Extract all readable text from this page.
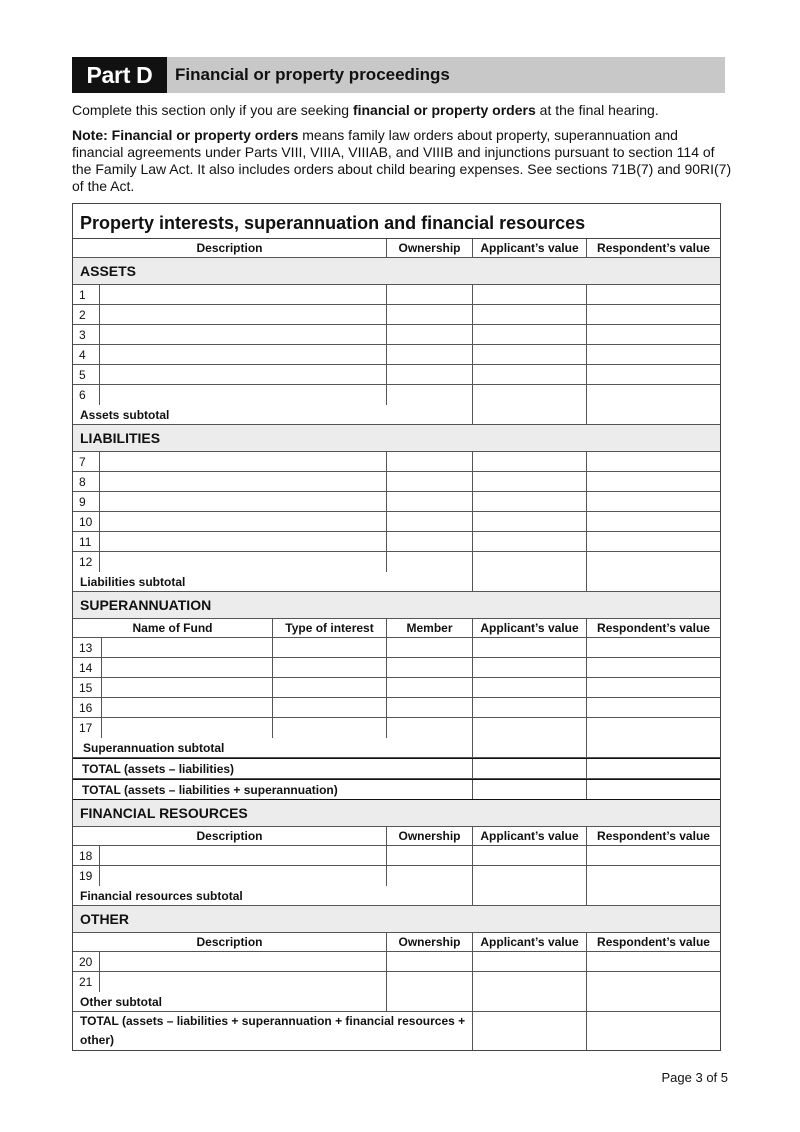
Part D	Financial or property proceedings
Complete this section only if you are seeking financial or property orders at the final hearing.
Note: Financial or property orders means family law orders about property, superannuation and financial agreements under Parts VIII, VIIIA, VIIIAB, and VIIIB and injunctions pursuant to section 114 of the Family Law Act. It also includes orders about child bearing expenses. See sections 71B(7) and 90RI(7) of the Act.
Property interests, superannuation and financial resources
Description	Ownership	Applicant’s value	Respondent’s value
ASSETS
1
2
3
4
5
6
Assets subtotal
LIABILITIES
7
8
9
10
11
12
Liabilities subtotal
SUPERANNUATION
Name of Fund	Type of interest	Member	Applicant’s value	Respondent’s value
13
14
15
16
17
Superannuation subtotal
TOTAL (assets – liabilities)
TOTAL (assets – liabilities + superannuation)
FINANCIAL RESOURCES
Description	Ownership	Applicant’s value	Respondent’s value
18
19
Financial resources subtotal
OTHER
Description	Ownership	Applicant’s value	Respondent’s value
20
21
Other subtotal
TOTAL (assets – liabilities + superannuation + financial resources + other)
Page 3 of 5
